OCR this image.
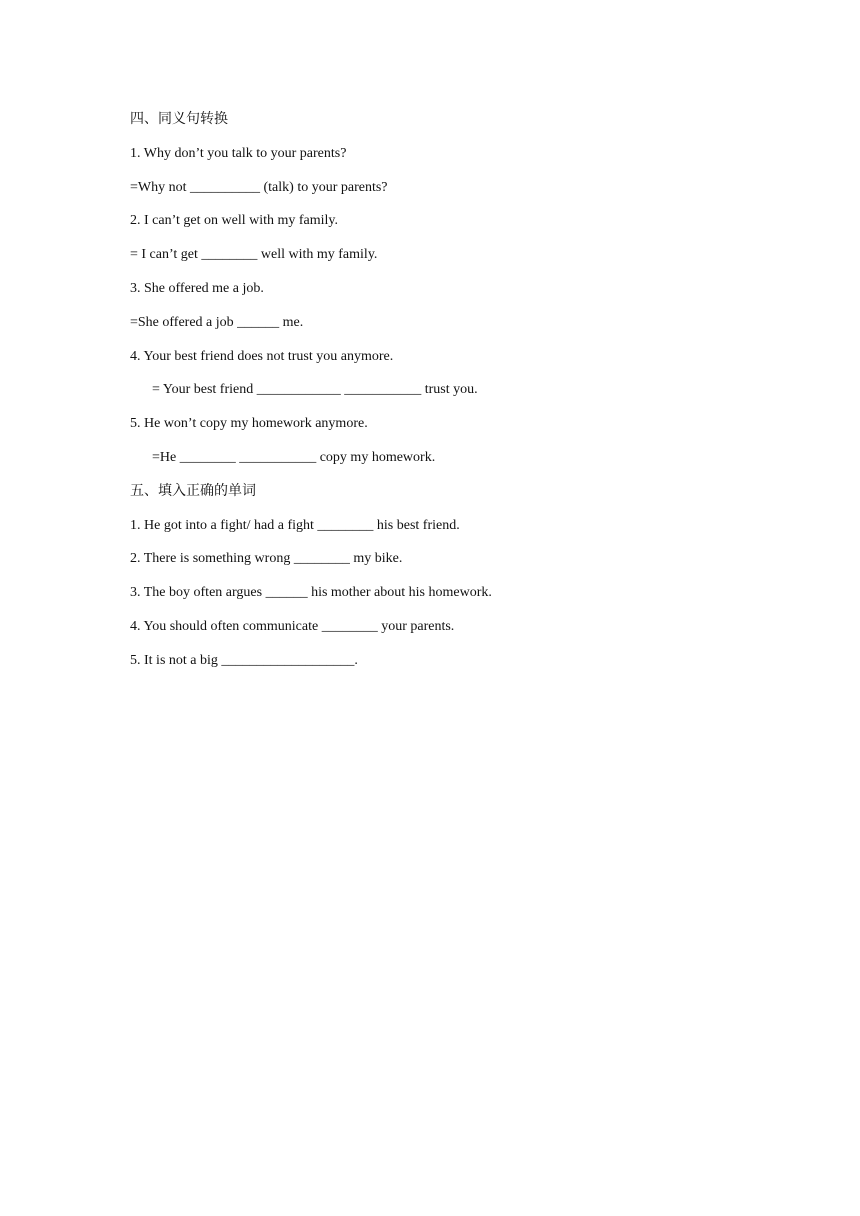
四、同义句转换
1. Why don’t you talk to your parents?
=Why not __________ (talk) to your parents?
2. I can’t get on well with my family.
= I can’t get ________ well with my family.
3. She offered me a job.
=She offered a job ______ me.
4. Your best friend does not trust you anymore.
= Your best friend ____________ ___________ trust you.
5. He won’t copy my homework anymore.
=He ________ ___________ copy my homework.
五、填入正确的单词
1. He got into a fight/ had a fight ________ his best friend.
2. There is something wrong ________ my bike.
3. The boy often argues ______ his mother about his homework.
4. You should often communicate ________ your parents.
5. It is not a big ___________________.
